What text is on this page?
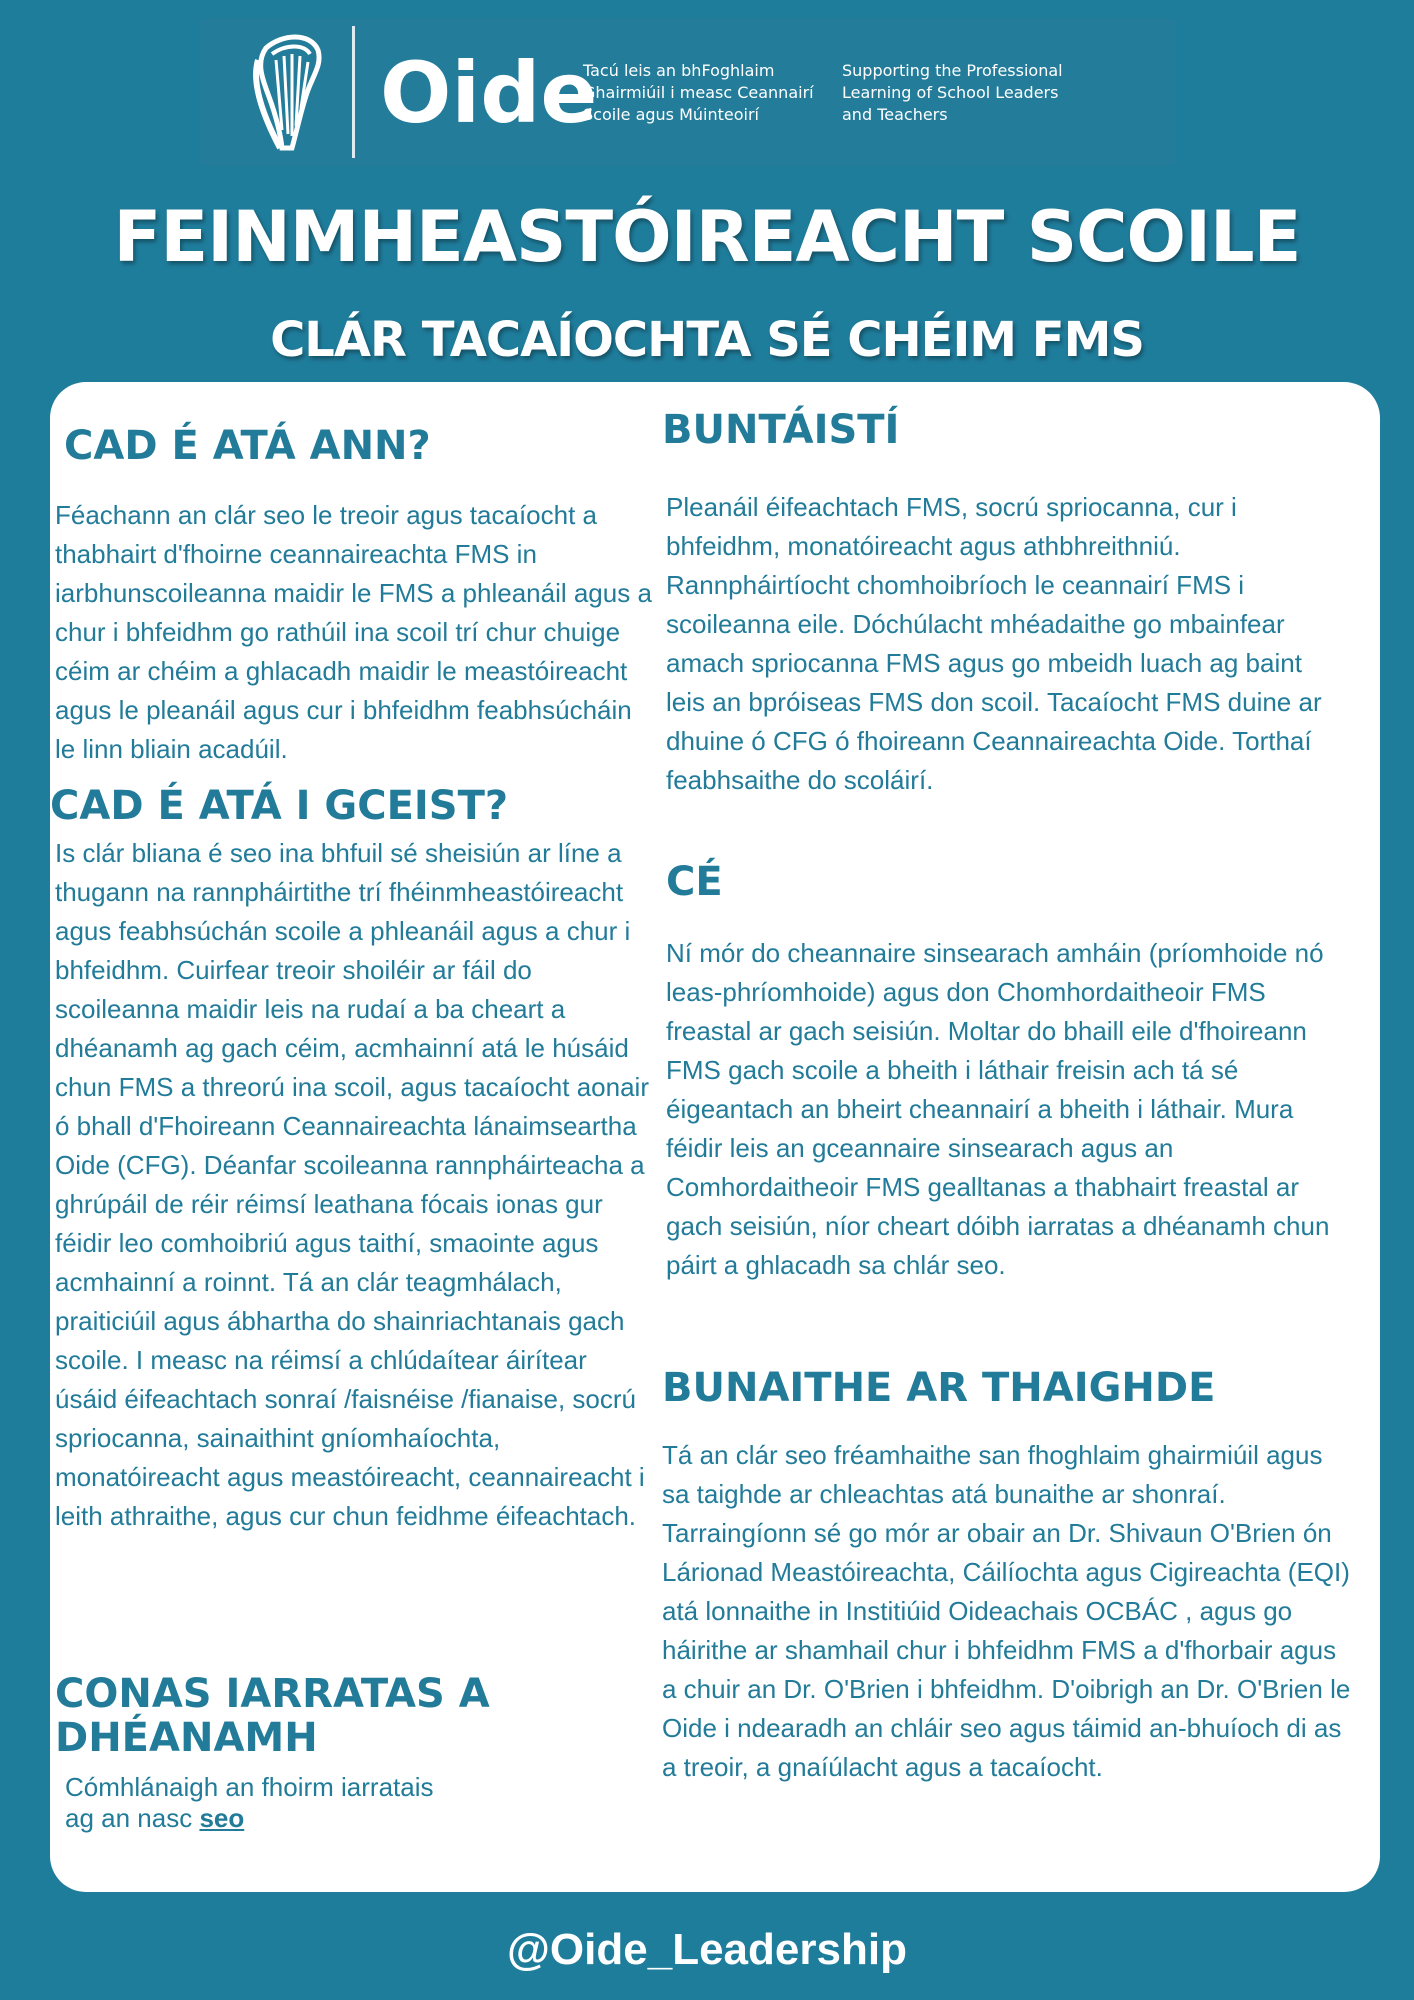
Oide
Tacú leis an bhFoghlaim
Ghairmiúil i measc Ceannairí
Scoile agus Múinteoirí
Supporting the Professional
Learning of School Leaders
and Teachers
FEINMHEASTÓIREACHT SCOILE
CLÁR TACAÍOCHTA SÉ CHÉIM FMS
CAD É ATÁ ANN?

Féachann an clár seo le treoir agus tacaíocht a thabhairt d'fhoirne ceannaireachta FMS in iarbhunscoileanna maidir le FMS a phleanáil agus a chur i bhfeidhm go rathúil ina scoil trí chur chuige céim ar chéim a ghlacadh maidir le meastóireacht agus le pleanáil agus cur i bhfeidhm feabhsúcháin le linn bliain acadúil.

CAD É ATÁ I GCEIST?

Is clár bliana é seo ina bhfuil sé sheisiún ar líne a thugann na rannpháirtithe trí fhéinmheastóireacht agus feabhsúchán scoile a phleanáil agus a chur i bhfeidhm. Cuirfear treoir shoiléir ar fáil do scoileanna maidir leis na rudaí a ba cheart a dhéanamh ag gach céim, acmhainní atá le húsáid chun FMS a threorú ina scoil, agus tacaíocht aonair ó bhall d'Fhoireann Ceannaireachta lánaimseartha Oide (CFG). Déanfar scoileanna rannpháirteacha a ghrúpáil de réir réimsí leathana fócais ionas gur féidir leo comhoibriú agus taithí, smaointe agus acmhainní a roinnt. Tá an clár teagmhálach, praiticiúil agus ábhartha do shainriachtanais gach scoile. I measc na réimsí a chlúdaítear áirítear úsáid éifeachtach sonraí /faisnéise /fianaise, socrú spriocanna, sainaithint gníomhaíochta, monatóireacht agus meastóireacht, ceannaireacht i leith athraithe, agus cur chun feidhme éifeachtach.

CONAS IARRATAS A
DHÉANAMH

Cómhlánaigh an fhoirm iarratais
ag an nasc seo

BUNTÁISTÍ

Pleanáil éifeachtach FMS, socrú spriocanna, cur i bhfeidhm, monatóireacht agus athbhreithniú. Rannpháirtíocht chomhoibríoch le ceannairí FMS i scoileanna eile. Dóchúlacht mhéadaithe go mbainfear amach spriocanna FMS agus go mbeidh luach ag baint leis an bpróiseas FMS don scoil. Tacaíocht FMS duine ar dhuine ó CFG ó fhoireann Ceannaireachta Oide. Torthaí feabhsaithe do scoláirí.

CÉ

Ní mór do cheannaire sinsearach amháin (príomhoide nó leas-phríomhoide) agus don Chomhordaitheoir FMS freastal ar gach seisiún. Moltar do bhaill eile d'fhoireann FMS gach scoile a bheith i láthair freisin ach tá sé éigeantach an bheirt cheannairí a bheith i láthair. Mura féidir leis an gceannaire sinsearach agus an Comhordaitheoir FMS gealltanas a thabhairt freastal ar gach seisiún, níor cheart dóibh iarratas a dhéanamh chun páirt a ghlacadh sa chlár seo.

BUNAITHE AR THAIGHDE

Tá an clár seo fréamhaithe san fhoghlaim ghairmiúil agus sa taighde ar chleachtas atá bunaithe ar shonraí. Tarraingíonn sé go mór ar obair an Dr. Shivaun O'Brien ón Lárionad Meastóireachta, Cáilíochta agus Cigireachta (EQI) atá lonnaithe in Institiúid Oideachais OCBÁC , agus go háirithe ar shamhail chur i bhfeidhm FMS a d'fhorbair agus a chuir an Dr. O'Brien i bhfeidhm. D'oibrigh an Dr. O'Brien le Oide i ndearadh an chláir seo agus táimid an-bhuíoch di as a treoir, a gnaíúlacht agus a tacaíocht.

@Oide_Leadership
